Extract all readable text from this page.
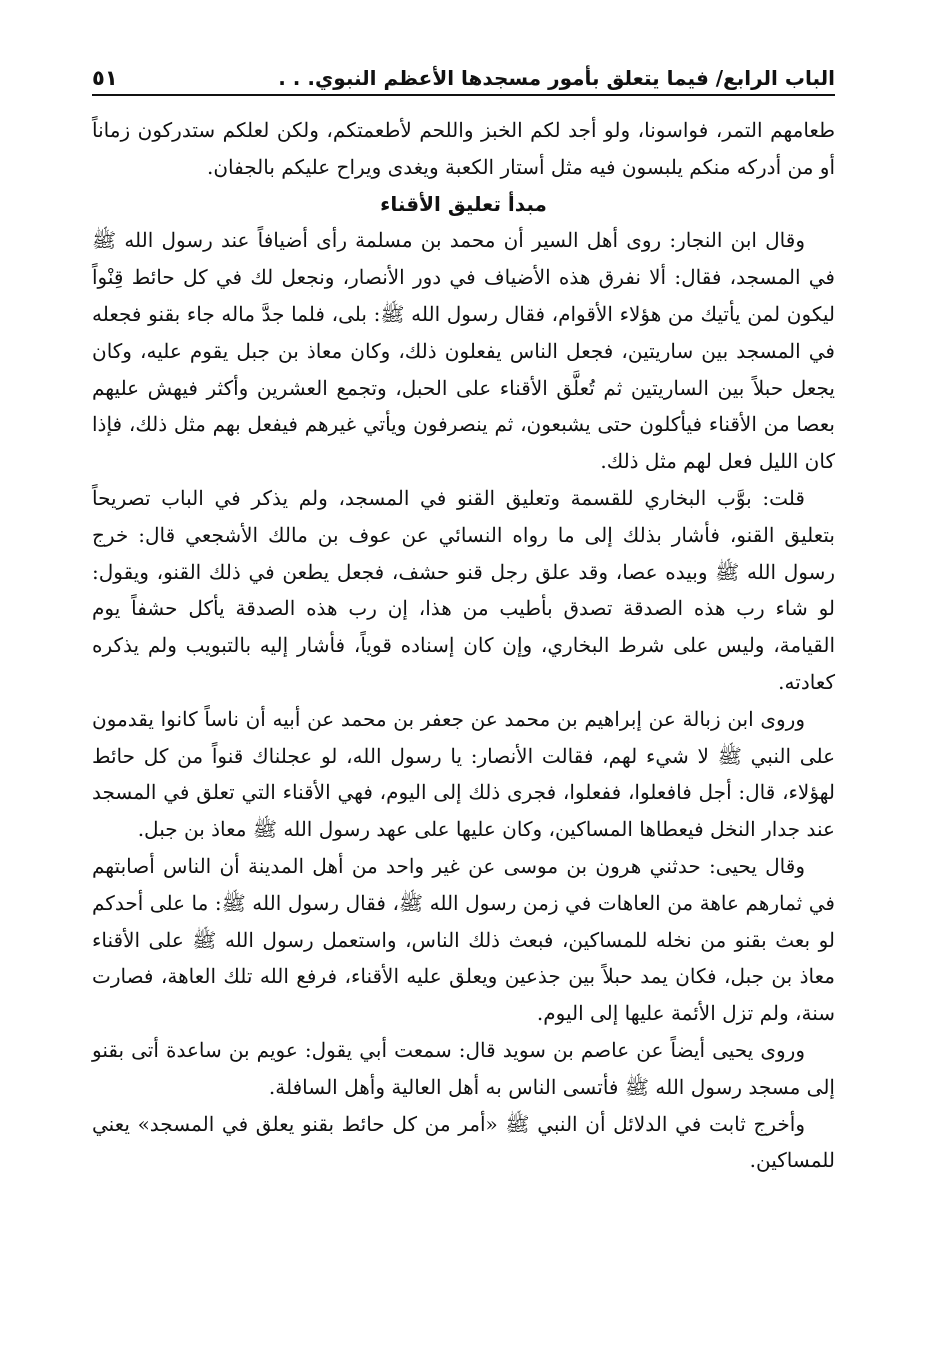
الباب الرابع/ فيما يتعلق بأمور مسجدها الأعظم النبوي. . .
٥١

طعامهم التمر، فواسونا، ولو أجد لكم الخبز واللحم لأطعمتكم، ولكن لعلكم ستدركون زماناً أو من أدركه منكم يلبسون فيه مثل أستار الكعبة ويغدى ويراح عليكم بالجفان.

مبدأ تعليق الأقناء

وقال ابن النجار: روى أهل السير أن محمد بن مسلمة رأى أضيافاً عند رسول الله ﷺ في المسجد، فقال: ألا نفرق هذه الأضياف في دور الأنصار، ونجعل لك في كل حائط قِنْواً ليكون لمن يأتيك من هؤلاء الأقوام، فقال رسول الله ﷺ: بلى، فلما جدَّ ماله جاء بقنو فجعله في المسجد بين ساريتين، فجعل الناس يفعلون ذلك، وكان معاذ بن جبل يقوم عليه، وكان يجعل حبلاً بين الساريتين ثم تُعلَّق الأقناء على الحبل، وتجمع العشرين وأكثر فيهش عليهم بعصا من الأقناء فيأكلون حتى يشبعون، ثم ينصرفون ويأتي غيرهم فيفعل بهم مثل ذلك، فإذا كان الليل فعل لهم مثل ذلك.

قلت: بوَّب البخاري للقسمة وتعليق القنو في المسجد، ولم يذكر في الباب تصريحاً بتعليق القنو، فأشار بذلك إلى ما رواه النسائي عن عوف بن مالك الأشجعي قال: خرج رسول الله ﷺ وبيده عصا، وقد علق رجل قنو حشف، فجعل يطعن في ذلك القنو، ويقول: لو شاء رب هذه الصدقة تصدق بأطيب من هذا، إن رب هذه الصدقة يأكل حشفاً يوم القيامة، وليس على شرط البخاري، وإن كان إسناده قوياً، فأشار إليه بالتبويب ولم يذكره كعادته.

وروى ابن زبالة عن إبراهيم بن محمد عن جعفر بن محمد عن أبيه أن ناساً كانوا يقدمون على النبي ﷺ لا شيء لهم، فقالت الأنصار: يا رسول الله، لو عجلناك قنواً من كل حائط لهؤلاء، قال: أجل فافعلوا، ففعلوا، فجرى ذلك إلى اليوم، فهي الأقناء التي تعلق في المسجد عند جدار النخل فيعطاها المساكين، وكان عليها على عهد رسول الله ﷺ معاذ بن جبل.

وقال يحيى: حدثني هرون بن موسى عن غير واحد من أهل المدينة أن الناس أصابتهم في ثمارهم عاهة من العاهات في زمن رسول الله ﷺ، فقال رسول الله ﷺ: ما على أحدكم لو بعث بقنو من نخله للمساكين، فبعث ذلك الناس، واستعمل رسول الله ﷺ على الأقناء معاذ بن جبل، فكان يمد حبلاً بين جذعين ويعلق عليه الأقناء، فرفع الله تلك العاهة، فصارت سنة، ولم تزل الأئمة عليها إلى اليوم.

وروى يحيى أيضاً عن عاصم بن سويد قال: سمعت أبي يقول: عويم بن ساعدة أتى بقنو إلى مسجد رسول الله ﷺ فأتسى الناس به أهل العالية وأهل السافلة.

وأخرج ثابت في الدلائل أن النبي ﷺ «أمر من كل حائط بقنو يعلق في المسجد» يعني للمساكين.
